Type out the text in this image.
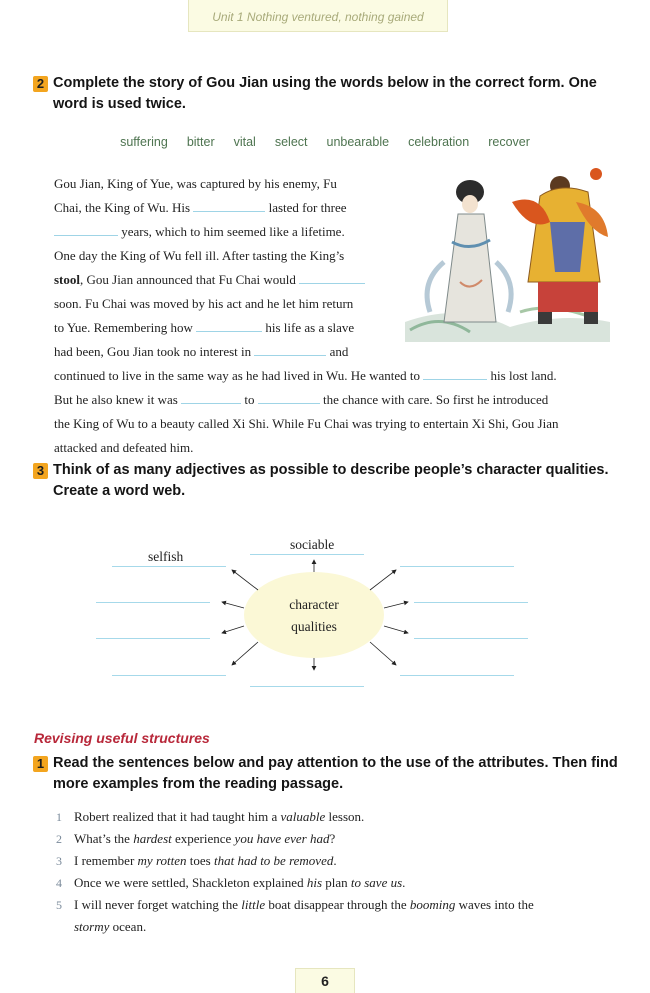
Unit 1 Nothing ventured, nothing gained
2 Complete the story of Gou Jian using the words below in the correct form. One
word is used twice.
suffering bitter vital select unbearable celebration recover
Gou Jian, King of Yue, was captured by his enemy, Fu
Chai, the King of Wu. His	lasted for three
years, which to him seemed like a lifetime.
One day the King of Wu fell ill. After tasting the King’s
stool, Gou Jian announced that Fu Chai would
soon. Fu Chai was moved by his act and he let him return
to Yue. Remembering how	his life as a slave
had been, Gou Jian took no interest in	and
continued to live in the same way as he had lived in Wu. He wanted to	his lost land.
But he also knew it was	to	the chance with care. So first he introduced
the King of Wu to a beauty called Xi Shi. While Fu Chai was trying to entertain Xi Shi, Gou Jian
attacked and defeated him.
3 Think of as many adjectives as possible to describe people’s character qualities.
Create a word web.
character
qualities
sociable
selfish
Revising useful structures
1 Read the sentences below and pay attention to the use of the attributes. Then find
more examples from the reading passage.
1 Robert realized that it had taught him a valuable lesson.
2 What’s the hardest experience you have ever had?
3 I remember my rotten toes that had to be removed.
4 Once we were settled, Shackleton explained his plan to save us.
5 I will never forget watching the little boat disappear through the booming waves into the
stormy ocean.
6
